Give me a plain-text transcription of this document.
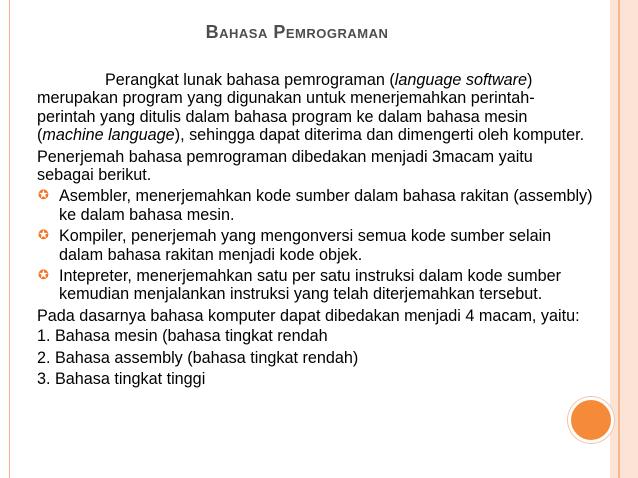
Bahasa Pemrograman

Perangkat lunak bahasa pemrograman (language software) merupakan program yang digunakan untuk menerjemahkan perintah-perintah yang ditulis dalam bahasa program ke dalam bahasa mesin (machine language), sehingga dapat diterima dan dimengerti oleh komputer.

Penerjemah bahasa pemrograman dibedakan menjadi 3macam yaitu sebagai berikut.

✪ Asembler, menerjemahkan kode sumber dalam bahasa rakitan (assembly) ke dalam bahasa mesin.
✪ Kompiler, penerjemah yang mengonversi semua kode sumber selain dalam bahasa rakitan menjadi kode objek.
✪ Intepreter, menerjemahkan satu per satu instruksi dalam kode sumber kemudian menjalankan instruksi yang telah diterjemahkan tersebut.

Pada dasarnya bahasa komputer dapat dibedakan menjadi 4 macam, yaitu:

1. Bahasa mesin (bahasa tingkat rendah

2. Bahasa assembly (bahasa tingkat rendah)

3. Bahasa tingkat tinggi
